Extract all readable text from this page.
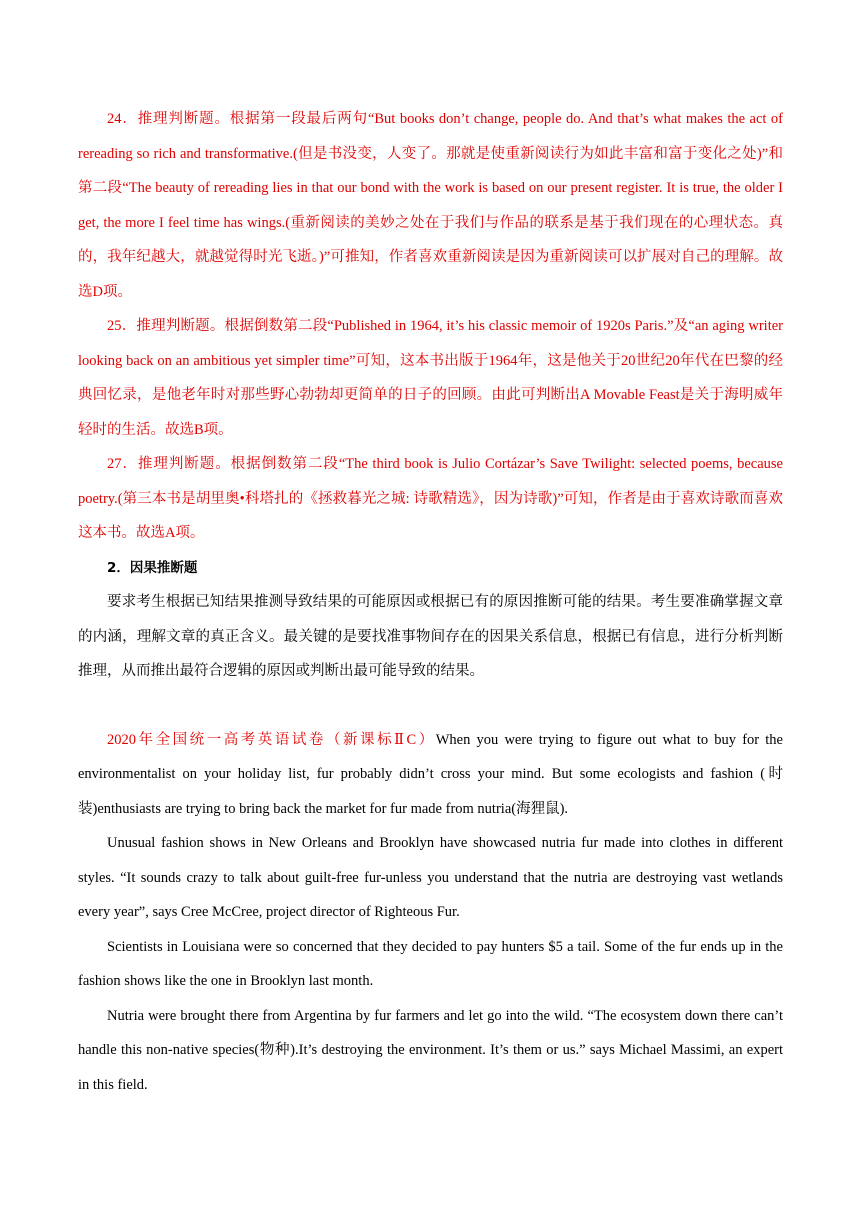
24．推理判断题。根据第一段最后两句“But books don’t change, people do. And that’s what makes the act of rereading so rich and transformative.(但是书没变，人变了。那就是使重新阅读行为如此丰富和富于变化之处)”和第二段“The beauty of rereading lies in that our bond with the work is based on our present register. It is true, the older I get, the more I feel time has wings.(重新阅读的美妙之处在于我们与作品的联系是基于我们现在的心理状态。真的，我年纪越大，就越觉得时光飞逝。)”可推知，作者喜欢重新阅读是因为重新阅读可以扩展对自己的理解。故选D项。

25．推理判断题。根据倒数第二段“Published in 1964, it’s his classic memoir of 1920s Paris.”及“an aging writer looking back on an ambitious yet simpler time”可知，这本书出版于1964年，这是他关于20世纪20年代在巴黎的经典回忆录，是他老年时对那些野心勃勃却更简单的日子的回顾。由此可判断出A Movable Feast是关于海明威年轻时的生活。故选B项。

27．推理判断题。根据倒数第二段“The third book is Julio Cortázar’s Save Twilight: selected poems, because poetry.(第三本书是胡里奥•科塔扎的《拯救暮光之城: 诗歌精选》，因为诗歌)”可知，作者是由于喜欢诗歌而喜欢这本书。故选A项。

2．因果推断题

要求考生根据已知结果推测导致结果的可能原因或根据已有的原因推断可能的结果。考生要准确掌握文章的内涵，理解文章的真正含义。最关键的是要找准事物间存在的因果关系信息，根据已有信息，进行分析判断推理，从而推出最符合逻辑的原因或判断出最可能导致的结果。

2020年全国统一高考英语试卷（新课标ⅡC）When you were trying to figure out what to buy for the environmentalist on your holiday list, fur probably didn’t cross your mind. But some ecologists and fashion (时装)enthusiasts are trying to bring back the market for fur made from nutria(海狸鼠).

Unusual fashion shows in New Orleans and Brooklyn have showcased nutria fur made into clothes in different styles. “It sounds crazy to talk about guilt-free fur-unless you understand that the nutria are destroying vast wetlands every year”, says Cree McCree, project director of Righteous Fur.

Scientists in Louisiana were so concerned that they decided to pay hunters $5 a tail. Some of the fur ends up in the fashion shows like the one in Brooklyn last month.

Nutria were brought there from Argentina by fur farmers and let go into the wild. “The ecosystem down there can’t handle this non-native species(物种).It’s destroying the environment. It’s them or us.” says Michael Massimi, an expert in this field.
